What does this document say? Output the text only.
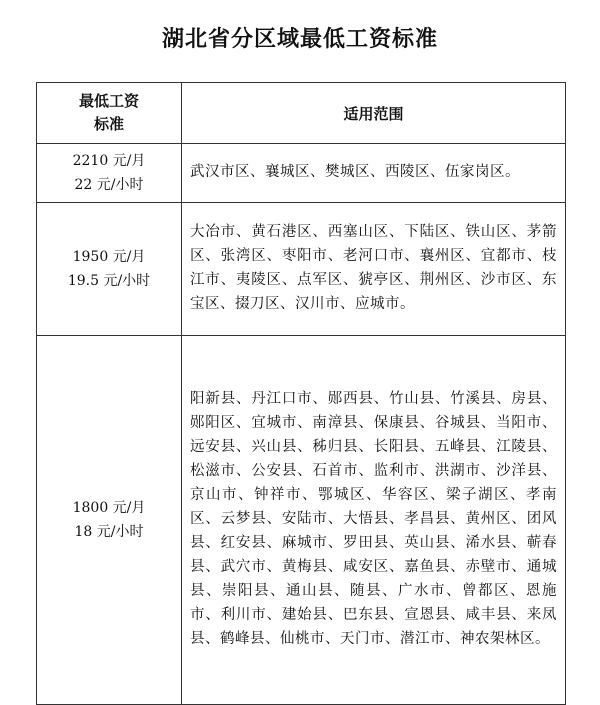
湖北省分区域最低工资标准
最低工资
标准	适用范围

2210 元/月
22 元/小时	武汉市区、襄城区、樊城区、西陵区、伍家岗区。

1950 元/月
19.5 元/小时	大冶市、黄石港区、西塞山区、下陆区、铁山区、茅箭区、张湾区、枣阳市、老河口市、襄州区、宜都市、枝江市、夷陵区、点军区、猇亭区、荆州区、沙市区、东宝区、掇刀区、汉川市、应城市。

1800 元/月
18 元/小时	阳新县、丹江口市、郧西县、竹山县、竹溪县、房县、郧阳区、宜城市、南漳县、保康县、谷城县、当阳市、远安县、兴山县、秭归县、长阳县、五峰县、江陵县、松滋市、公安县、石首市、监利市、洪湖市、沙洋县、京山市、钟祥市、鄂城区、华容区、梁子湖区、孝南区、云梦县、安陆市、大悟县、孝昌县、黄州区、团风县、红安县、麻城市、罗田县、英山县、浠水县、蕲春县、武穴市、黄梅县、咸安区、嘉鱼县、赤壁市、通城县、崇阳县、通山县、随县、广水市、曾都区、恩施市、利川市、建始县、巴东县、宣恩县、咸丰县、来凤县、鹤峰县、仙桃市、天门市、潜江市、神农架林区。
